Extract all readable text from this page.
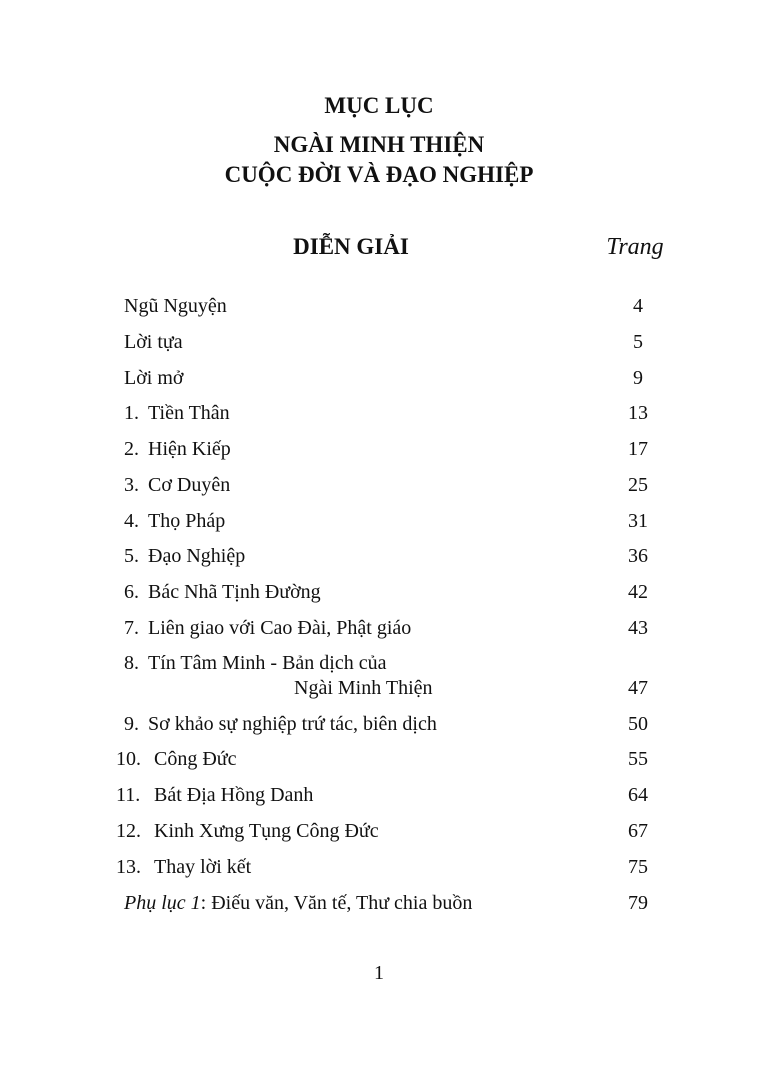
MỤC LỤC
NGÀI MINH THIỆN
CUỘC ĐỜI VÀ ĐẠO NGHIỆP
DIỄN GIẢI	Trang
Ngũ Nguyện	4
Lời tựa	5
Lời mở	9
1. Tiền Thân	13
2. Hiện Kiếp	17
3. Cơ Duyên	25
4. Thọ Pháp	31
5. Đạo Nghiệp	36
6. Bác Nhã Tịnh Đường	42
7. Liên giao với Cao Đài, Phật giáo	43
8. Tín Tâm Minh - Bản dịch của
Ngài Minh Thiện	47
9. Sơ khảo sự nghiệp trứ tác, biên dịch	50
10. Công Đức	55
11. Bát Địa Hồng Danh	64
12. Kinh Xưng Tụng Công Đức	67
13. Thay lời kết	75
Phụ lục 1: Điếu văn, Văn tế, Thư chia buồn	79
1
